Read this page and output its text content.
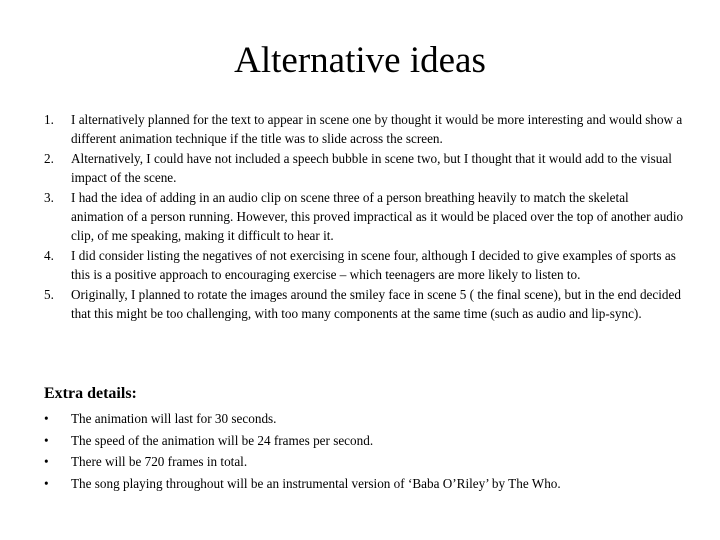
Alternative ideas
1. I alternatively planned for the text to appear in scene one by thought it would be more interesting and would show a different animation technique if the title was to slide across the screen.
2. Alternatively, I could have not included a speech bubble in scene two, but I thought that it would add to the visual impact of the scene.
3. I had the idea of adding in an audio clip on scene three of a person breathing heavily to match the skeletal animation of a person running. However, this proved impractical as it would be placed over the top of another audio clip, of me speaking, making it difficult to hear it.
4. I did consider listing the negatives of not exercising in scene four, although I decided to give examples of sports as this is a positive approach to encouraging exercise – which teenagers are more likely to listen to.
5. Originally, I planned to rotate the images around the smiley face in scene 5 ( the final scene), but in the end decided that this might be too challenging, with too many components at the same time (such as audio and lip-sync).
Extra details:
• The animation will last for 30 seconds.
• The speed of the animation will be 24 frames per second.
• There will be 720 frames in total.
• The song playing throughout will be an instrumental version of ‘Baba O’Riley’ by The Who.
